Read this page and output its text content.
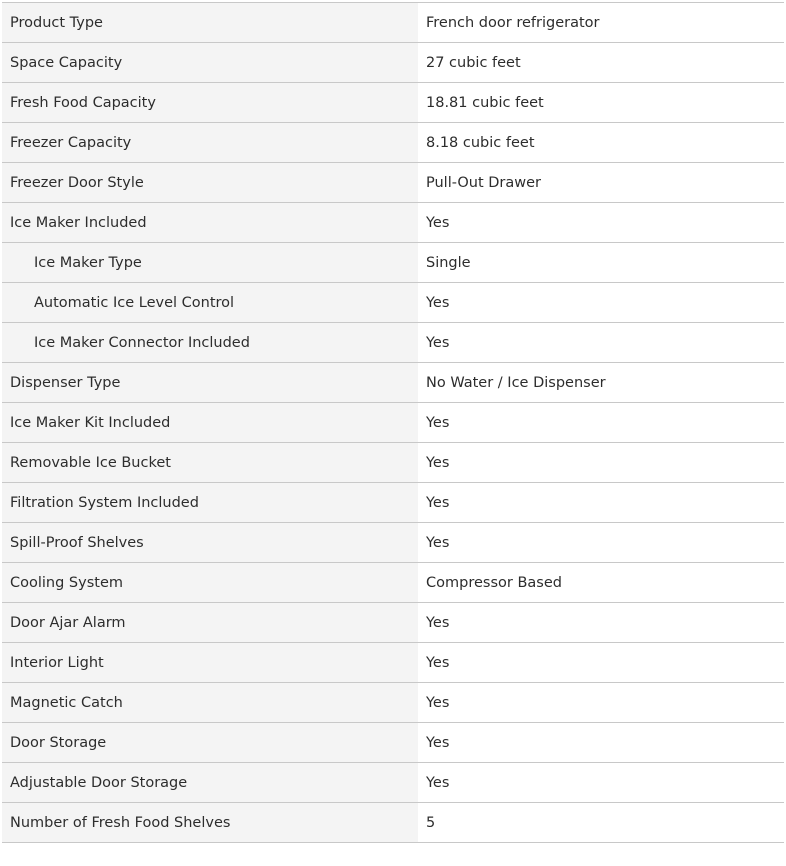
Product Type	French door refrigerator
Space Capacity	27 cubic feet
Fresh Food Capacity	18.81 cubic feet
Freezer Capacity	8.18 cubic feet
Freezer Door Style	Pull-Out Drawer
Ice Maker Included	Yes
Ice Maker Type	Single
Automatic Ice Level Control	Yes
Ice Maker Connector Included	Yes
Dispenser Type	No Water / Ice Dispenser
Ice Maker Kit Included	Yes
Removable Ice Bucket	Yes
Filtration System Included	Yes
Spill-Proof Shelves	Yes
Cooling System	Compressor Based
Door Ajar Alarm	Yes
Interior Light	Yes
Magnetic Catch	Yes
Door Storage	Yes
Adjustable Door Storage	Yes
Number of Fresh Food Shelves	5
